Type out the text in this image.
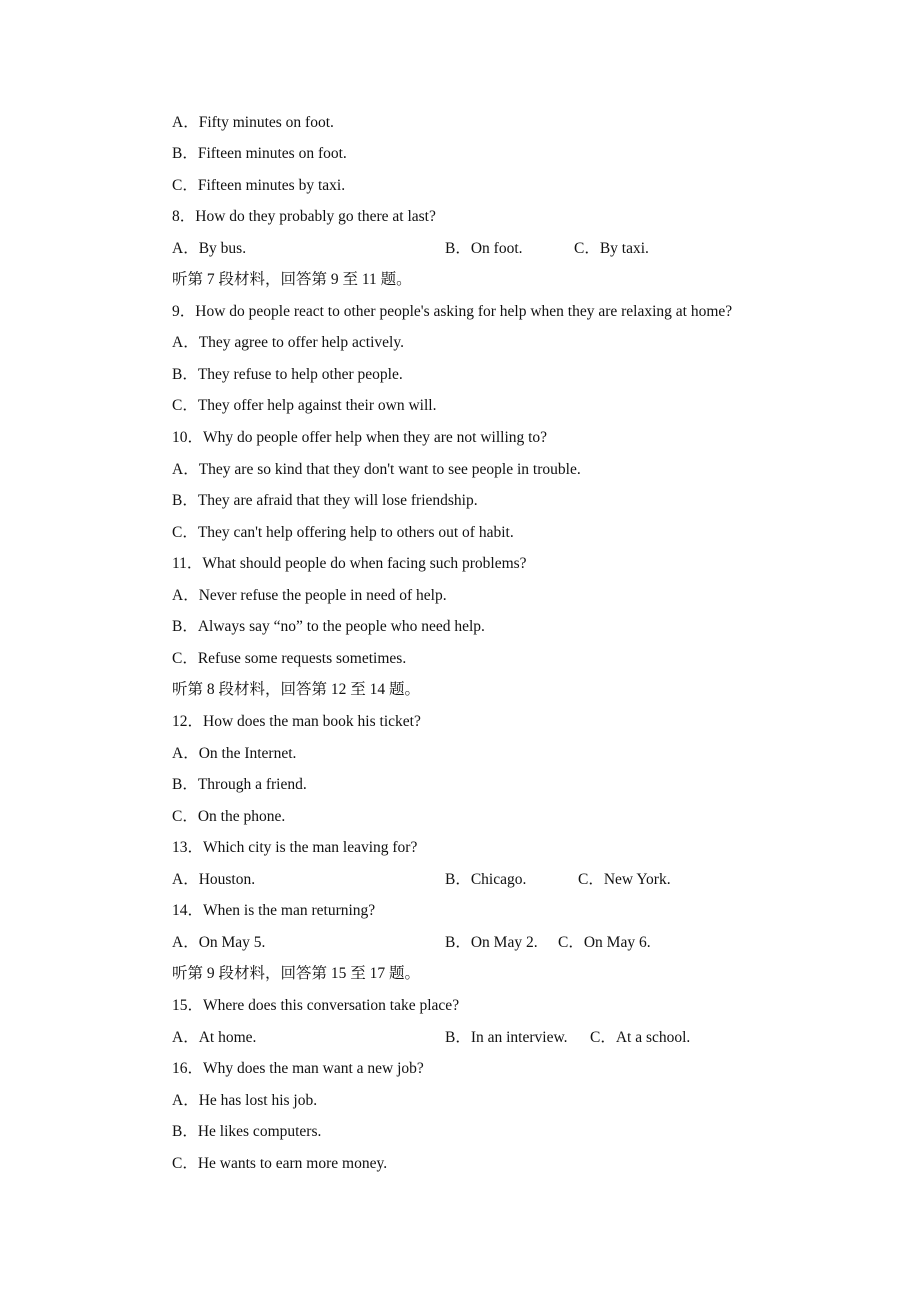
A．Fifty minutes on foot.
B．Fifteen minutes on foot.
C．Fifteen minutes by taxi.
8．How do they probably go there at last?
A．By bus.	B．On foot.	C．By taxi.
听第 7 段材料，回答第 9 至 11 题。
9．How do people react to other people's asking for help when they are relaxing at home?
A．They agree to offer help actively.
B．They refuse to help other people.
C．They offer help against their own will.
10．Why do people offer help when they are not willing to?
A．They are so kind that they don't want to see people in trouble.
B．They are afraid that they will lose friendship.
C．They can't help offering help to others out of habit.
11．What should people do when facing such problems?
A．Never refuse the people in need of help.
B．Always say “no” to the people who need help.
C．Refuse some requests sometimes.
听第 8 段材料，回答第 12 至 14 题。
12．How does the man book his ticket?
A．On the Internet.
B．Through a friend.
C．On the phone.
13．Which city is the man leaving for?
A．Houston.	B．Chicago.	C．New York.
14．When is the man returning?
A．On May 5.	B．On May 2. C．On May 6.
听第 9 段材料，回答第 15 至 17 题。
15．Where does this conversation take place?
A．At home.	B．In an interview. C．At a school.
16．Why does the man want a new job?
A．He has lost his job.
B．He likes computers.
C．He wants to earn more money.
